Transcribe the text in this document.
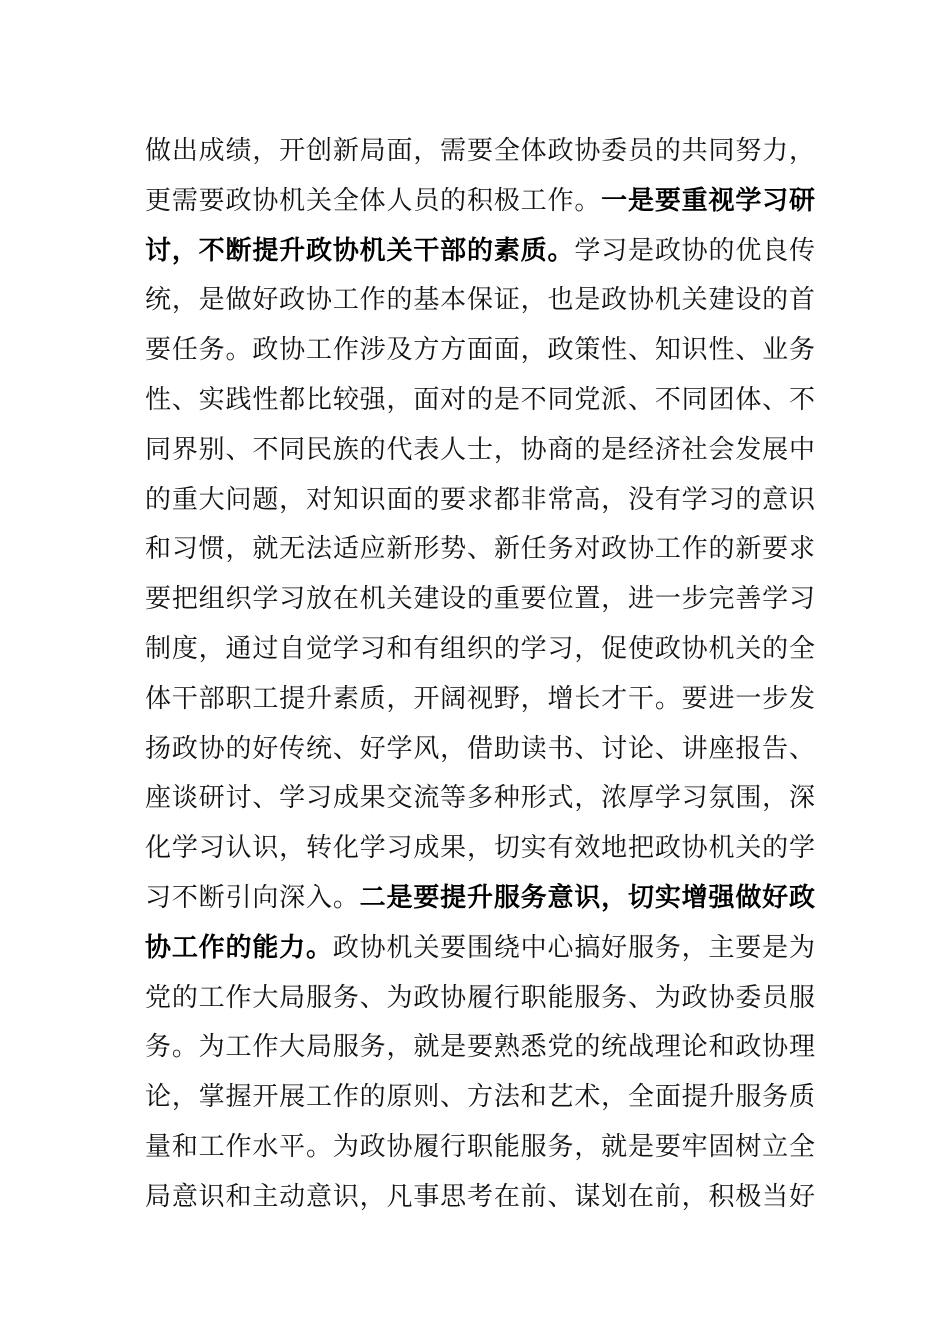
做出成绩，开创新局面，需要全体政协委员的共同努力，
更需要政协机关全体人员的积极工作。一是要重视学习研
讨，不断提升政协机关干部的素质。学习是政协的优良传
统，是做好政协工作的基本保证，也是政协机关建设的首
要任务。政协工作涉及方方面面，政策性、知识性、业务
性、实践性都比较强，面对的是不同党派、不同团体、不
同界别、不同民族的代表人士，协商的是经济社会发展中
的重大问题，对知识面的要求都非常高，没有学习的意识
和习惯，就无法适应新形势、新任务对政协工作的新要求
要把组织学习放在机关建设的重要位置，进一步完善学习
制度，通过自觉学习和有组织的学习，促使政协机关的全
体干部职工提升素质，开阔视野，增长才干。要进一步发
扬政协的好传统、好学风，借助读书、讨论、讲座报告、
座谈研讨、学习成果交流等多种形式，浓厚学习氛围，深
化学习认识，转化学习成果，切实有效地把政协机关的学
习不断引向深入。二是要提升服务意识，切实增强做好政
协工作的能力。政协机关要围绕中心搞好服务，主要是为
党的工作大局服务、为政协履行职能服务、为政协委员服
务。为工作大局服务，就是要熟悉党的统战理论和政协理
论，掌握开展工作的原则、方法和艺术，全面提升服务质
量和工作水平。为政协履行职能服务，就是要牢固树立全
局意识和主动意识，凡事思考在前、谋划在前，积极当好
